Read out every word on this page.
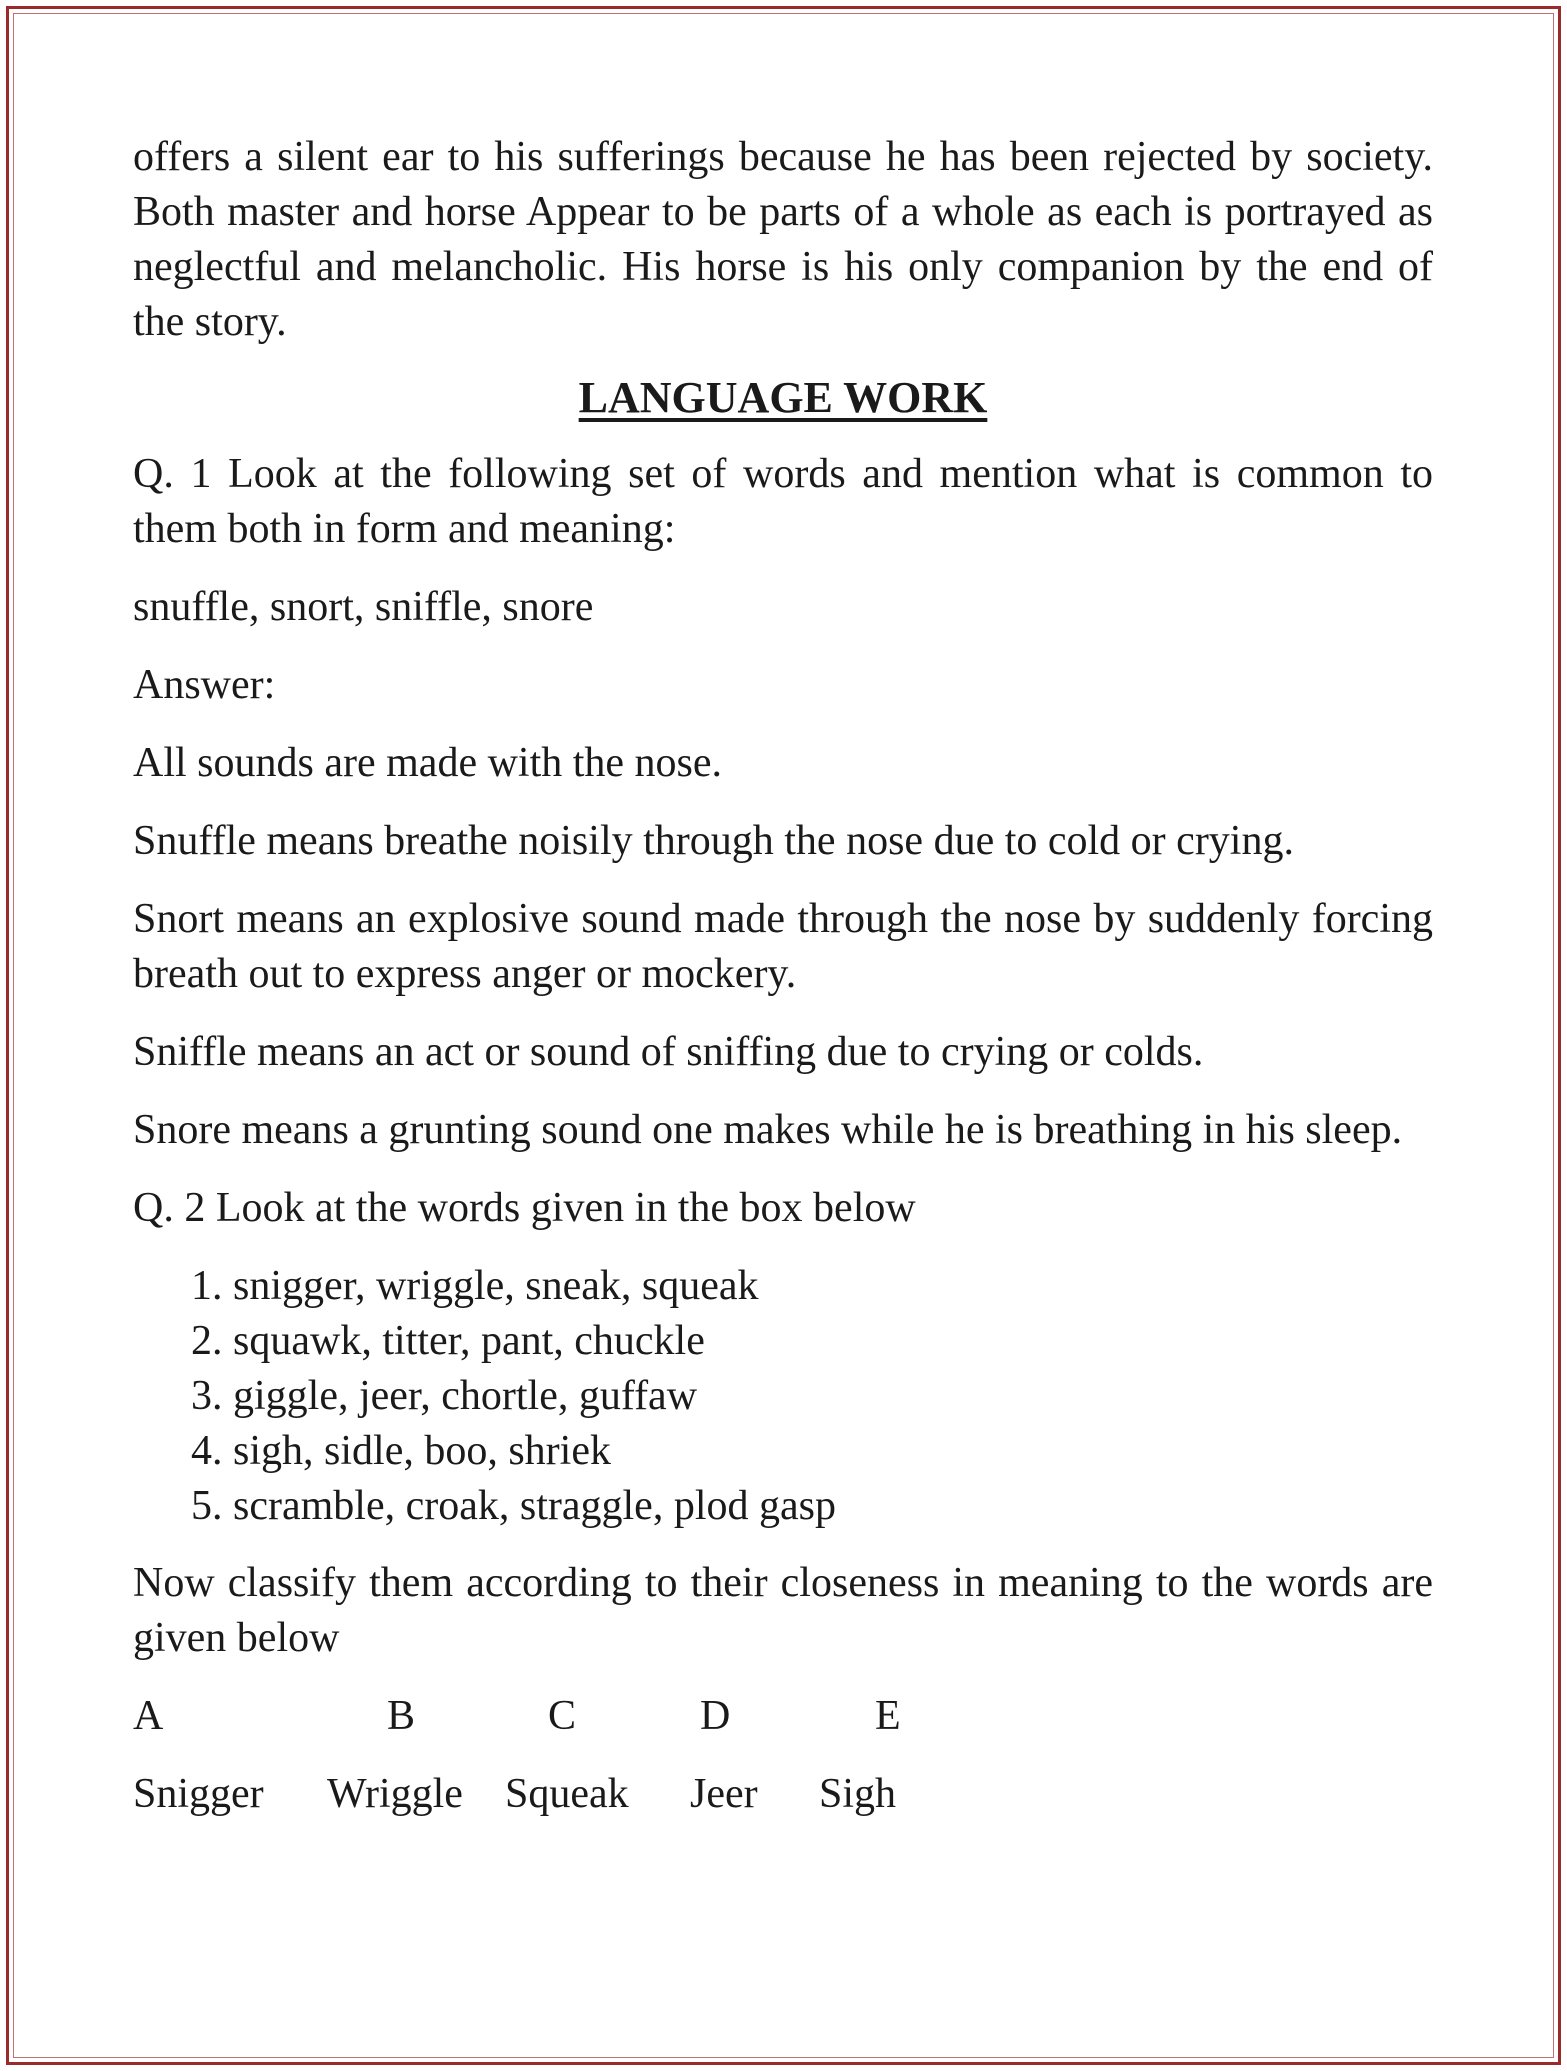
offers a silent ear to his sufferings because he has been rejected by society. Both master and horse Appear to be parts of a whole as each is portrayed as neglectful and melancholic. His horse is his only companion by the end of the story.

LANGUAGE WORK

Q. 1 Look at the following set of words and mention what is common to them both in form and meaning:

snuffle, snort, sniffle, snore

Answer:

All sounds are made with the nose.

Snuffle means breathe noisily through the nose due to cold or crying.

Snort means an explosive sound made through the nose by suddenly forcing breath out to express anger or mockery.

Sniffle means an act or sound of sniffing due to crying or colds.

Snore means a grunting sound one makes while he is breathing in his sleep.

Q. 2 Look at the words given in the box below

1. snigger, wriggle, sneak, squeak
2. squawk, titter, pant, chuckle
3. giggle, jeer, chortle, guffaw
4. sigh, sidle, boo, shriek
5. scramble, croak, straggle, plod gasp

Now classify them according to their closeness in meaning to the words are given below

A	B	C	D	E
Snigger Wriggle Squeak Jeer Sigh
